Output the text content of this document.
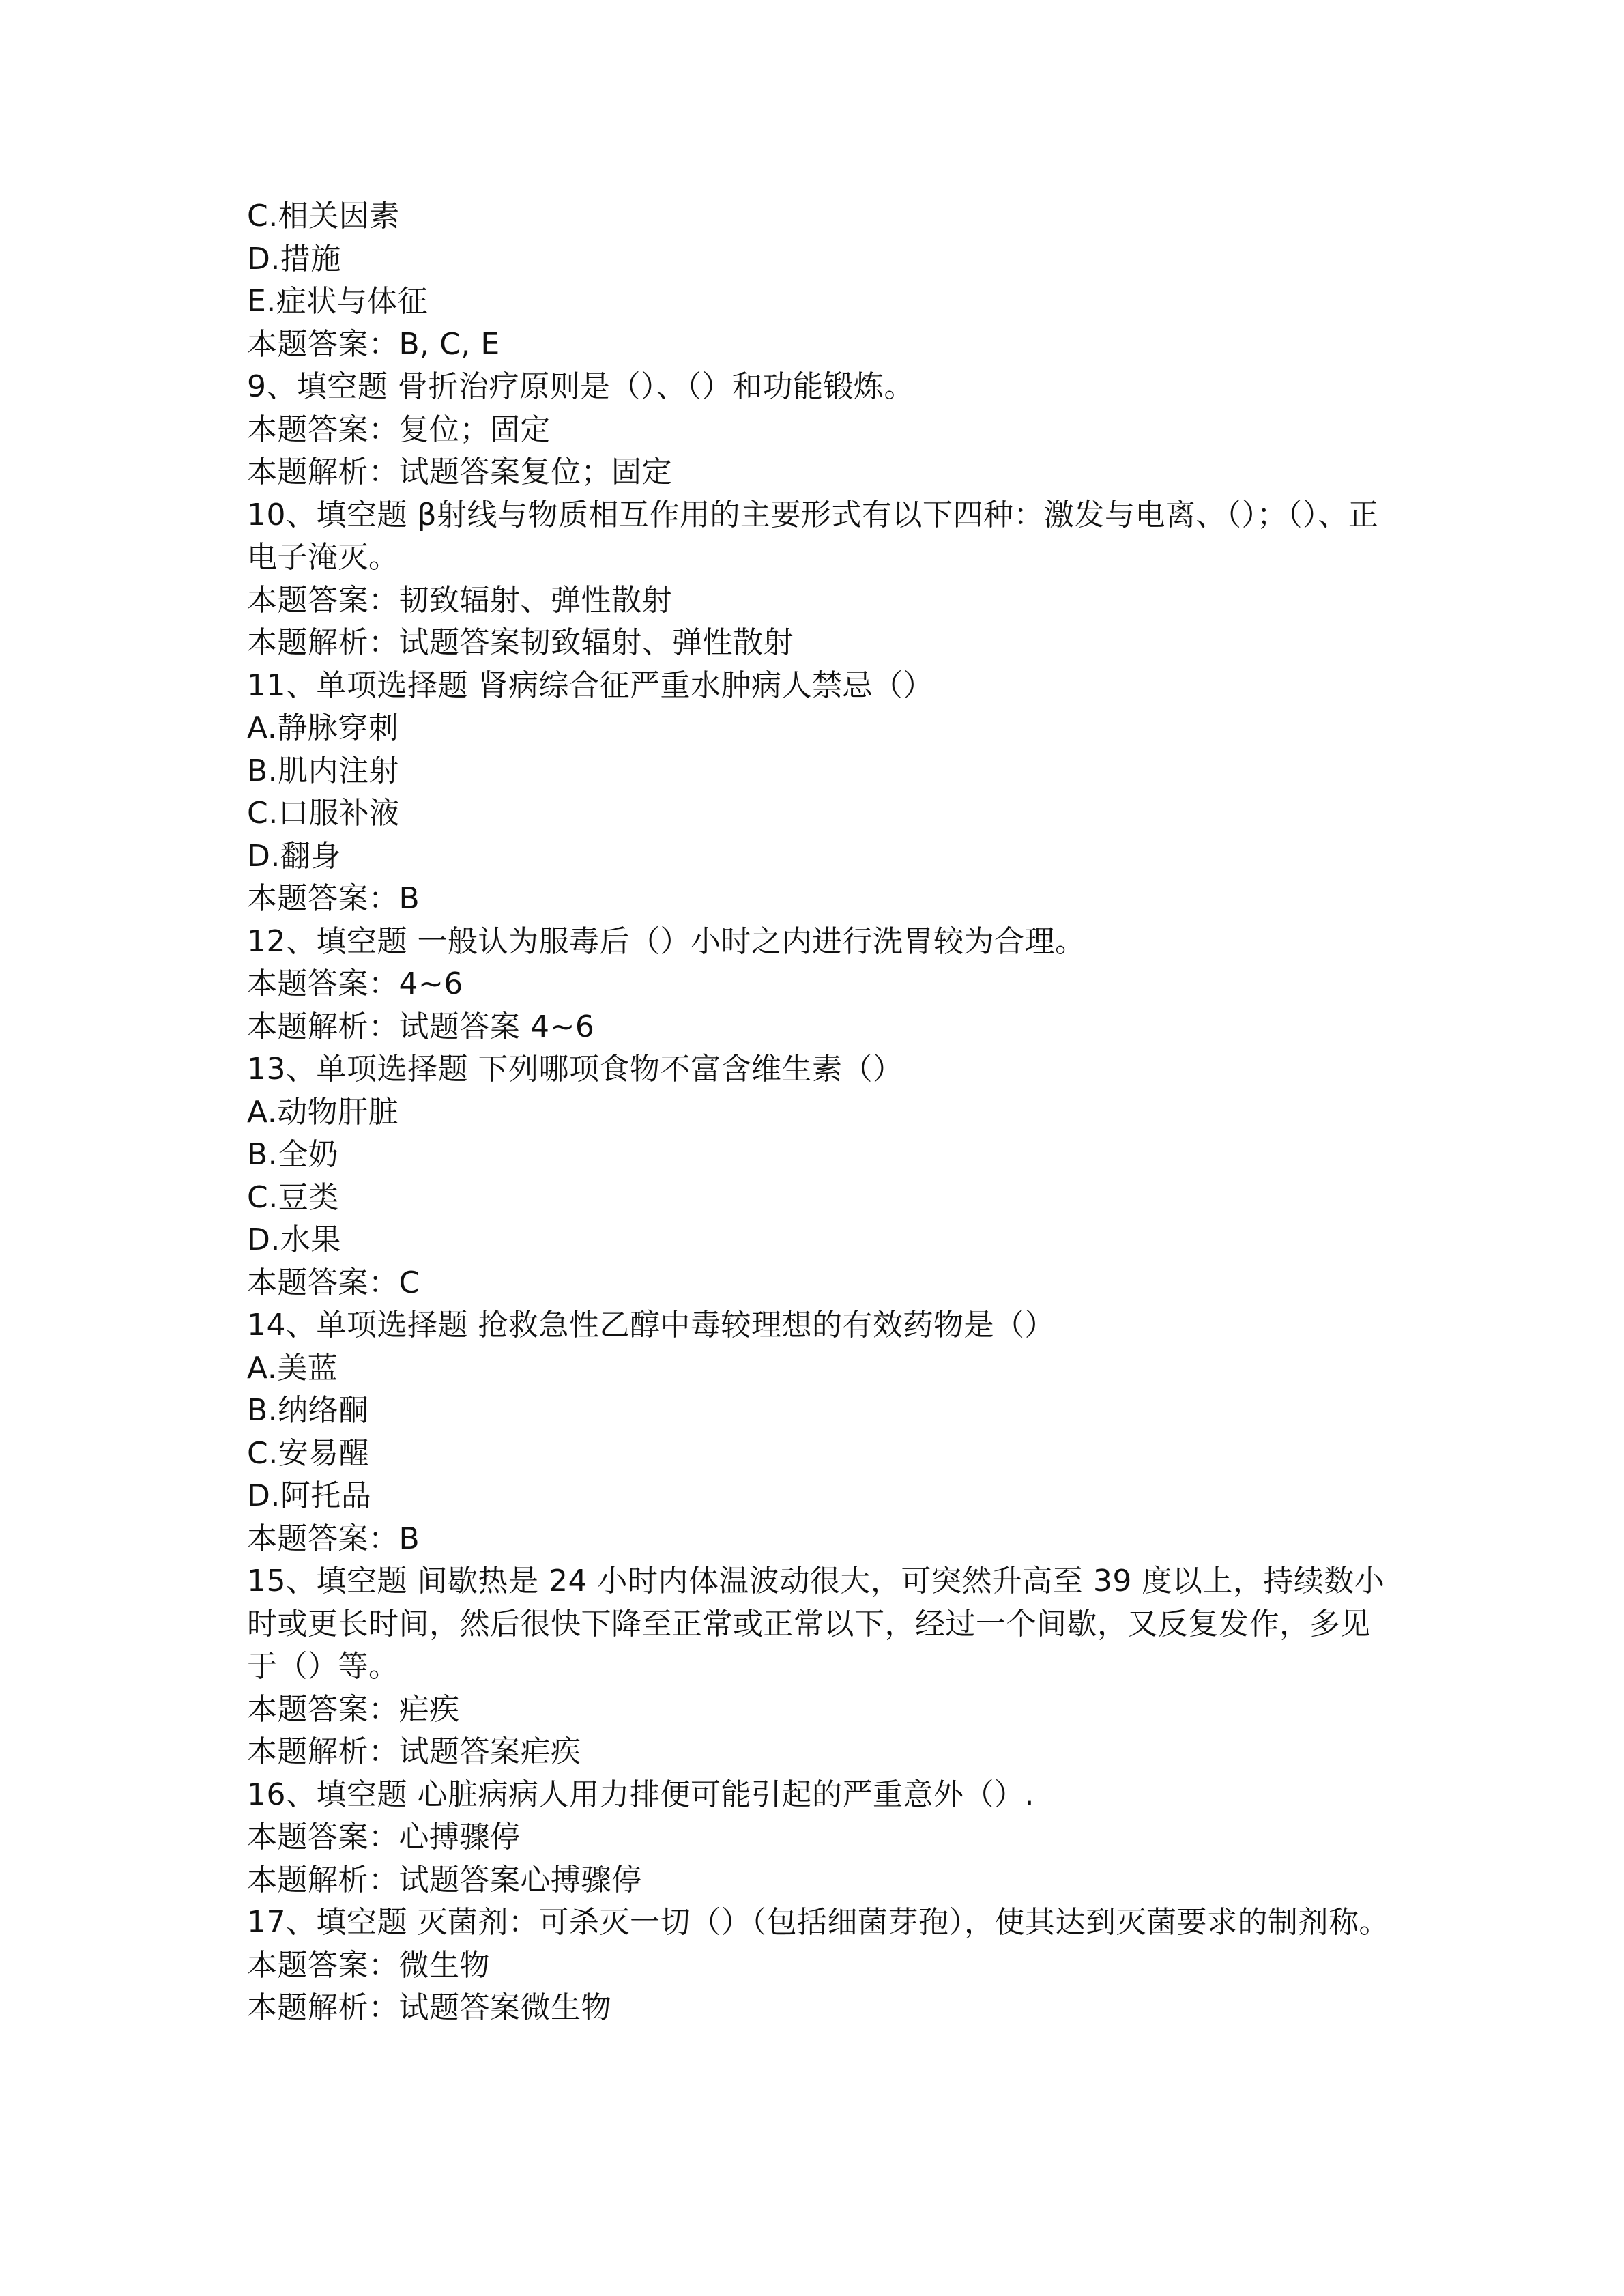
C.相关因素
D.措施
E.症状与体征
本题答案：B, C, E
9、填空题 骨折治疗原则是（）、（）和功能锻炼。
本题答案：复位；固定
本题解析：试题答案复位；固定
10、填空题 β射线与物质相互作用的主要形式有以下四种：激发与电离、（）；（）、正电子淹灭。
本题答案：韧致辐射、弹性散射
本题解析：试题答案韧致辐射、弹性散射
11、单项选择题 肾病综合征严重水肿病人禁忌（）
A.静脉穿刺
B.肌内注射
C.口服补液
D.翻身
本题答案：B
12、填空题 一般认为服毒后（）小时之内进行洗胃较为合理。
本题答案：4~6
本题解析：试题答案 4~6
13、单项选择题 下列哪项食物不富含维生素（）
A.动物肝脏
B.全奶
C.豆类
D.水果
本题答案：C
14、单项选择题 抢救急性乙醇中毒较理想的有效药物是（）
A.美蓝
B.纳络酮
C.安易醒
D.阿托品
本题答案：B
15、填空题 间歇热是 24 小时内体温波动很大，可突然升高至 39 度以上，持续数小时或更长时间，然后很快下降至正常或正常以下，经过一个间歇，又反复发作，多见于（）等。
本题答案：疟疾
本题解析：试题答案疟疾
16、填空题 心脏病病人用力排便可能引起的严重意外（）.
本题答案：心搏骤停
本题解析：试题答案心搏骤停
17、填空题 灭菌剂：可杀灭一切（）（包括细菌芽孢），使其达到灭菌要求的制剂称。
本题答案：微生物
本题解析：试题答案微生物
